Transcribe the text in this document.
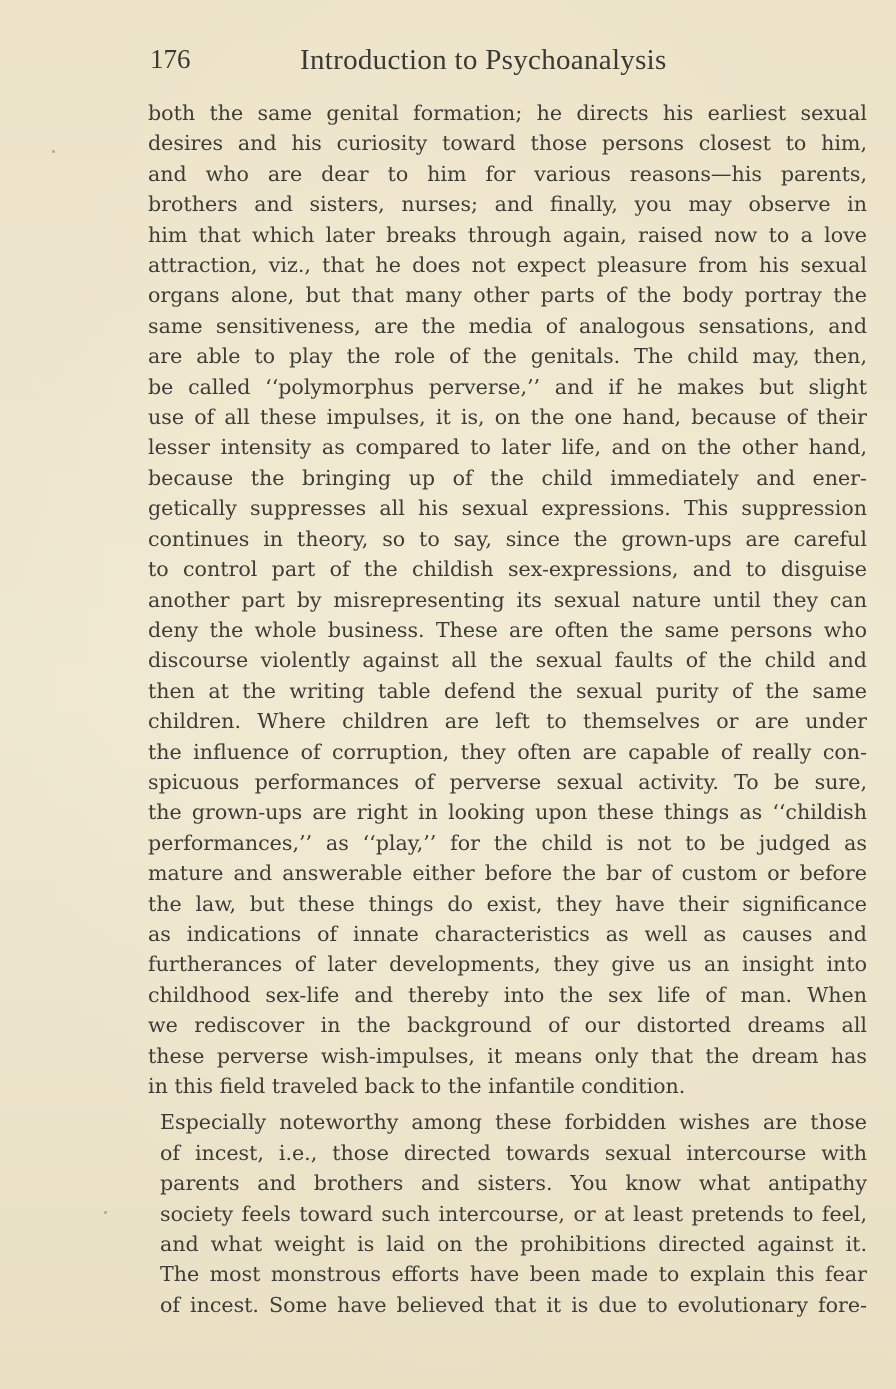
176	Introduction to Psychoanalysis
both the same genital formation; he directs his earliest sexual
desires and his curiosity toward those persons closest to him,
and who are dear to him for various reasons—his parents,
brothers and sisters, nurses; and finally, you may observe in
him that which later breaks through again, raised now to a love
attraction, viz., that he does not expect pleasure from his sexual
organs alone, but that many other parts of the body portray the
same sensitiveness, are the media of analogous sensations, and
are able to play the role of the genitals. The child may, then,
be called ‘‘polymorphus perverse,’’ and if he makes but slight
use of all these impulses, it is, on the one hand, because of their
lesser intensity as compared to later life, and on the other hand,
because the bringing up of the child immediately and ener-
getically suppresses all his sexual expressions. This suppression
continues in theory, so to say, since the grown-ups are careful
to control part of the childish sex-expressions, and to disguise
another part by misrepresenting its sexual nature until they can
deny the whole business. These are often the same persons who
discourse violently against all the sexual faults of the child and
then at the writing table defend the sexual purity of the same
children. Where children are left to themselves or are under
the influence of corruption, they often are capable of really con-
spicuous performances of perverse sexual activity. To be sure,
the grown-ups are right in looking upon these things as ‘‘childish
performances,’’ as ‘‘play,’’ for the child is not to be judged as
mature and answerable either before the bar of custom or before
the law, but these things do exist, they have their significance
as indications of innate characteristics as well as causes and
furtherances of later developments, they give us an insight into
childhood sex-life and thereby into the sex life of man. When
we rediscover in the background of our distorted dreams all
these perverse wish-impulses, it means only that the dream has
in this field traveled back to the infantile condition.
Especially noteworthy among these forbidden wishes are those
of incest, i.e., those directed towards sexual intercourse with
parents and brothers and sisters. You know what antipathy
society feels toward such intercourse, or at least pretends to feel,
and what weight is laid on the prohibitions directed against it.
The most monstrous efforts have been made to explain this fear
of incest. Some have believed that it is due to evolutionary fore-
